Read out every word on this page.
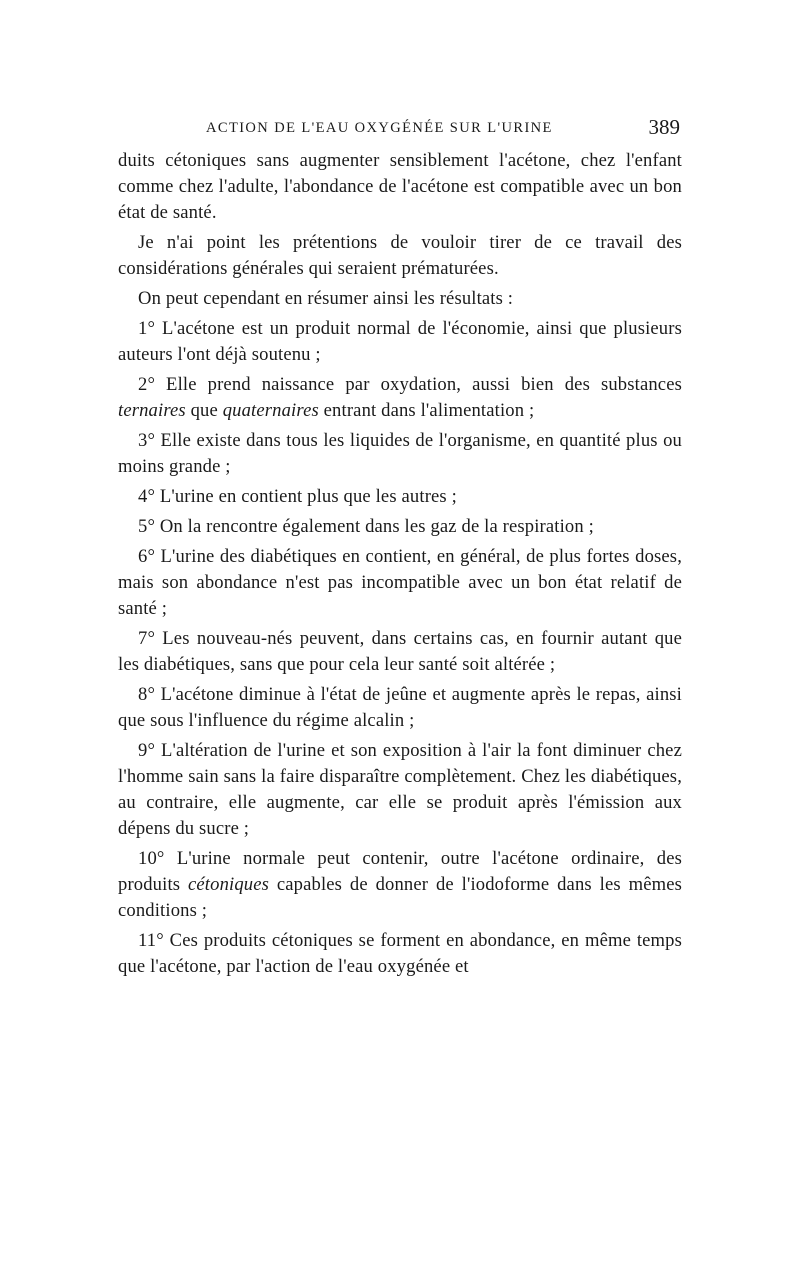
ACTION DE L'EAU OXYGÉNÉE SUR L'URINE	389

duits cétoniques sans augmenter sensiblement l'acétone, chez l'enfant comme chez l'adulte, l'abondance de l'acétone est compatible avec un bon état de santé.

Je n'ai point les prétentions de vouloir tirer de ce travail des considérations générales qui seraient prématurées.

On peut cependant en résumer ainsi les résultats :

1° L'acétone est un produit normal de l'économie, ainsi que plusieurs auteurs l'ont déjà soutenu ;

2° Elle prend naissance par oxydation, aussi bien des substances ternaires que quaternaires entrant dans l'alimentation ;

3° Elle existe dans tous les liquides de l'organisme, en quantité plus ou moins grande ;

4° L'urine en contient plus que les autres ;

5° On la rencontre également dans les gaz de la respiration ;

6° L'urine des diabétiques en contient, en général, de plus fortes doses, mais son abondance n'est pas incompatible avec un bon état relatif de santé ;

7° Les nouveau-nés peuvent, dans certains cas, en fournir autant que les diabétiques, sans que pour cela leur santé soit altérée ;

8° L'acétone diminue à l'état de jeûne et augmente après le repas, ainsi que sous l'influence du régime alcalin ;

9° L'altération de l'urine et son exposition à l'air la font diminuer chez l'homme sain sans la faire disparaître complètement. Chez les diabétiques, au contraire, elle augmente, car elle se produit après l'émission aux dépens du sucre ;

10° L'urine normale peut contenir, outre l'acétone ordinaire, des produits cétoniques capables de donner de l'iodoforme dans les mêmes conditions ;

11° Ces produits cétoniques se forment en abondance, en même temps que l'acétone, par l'action de l'eau oxygénée et
